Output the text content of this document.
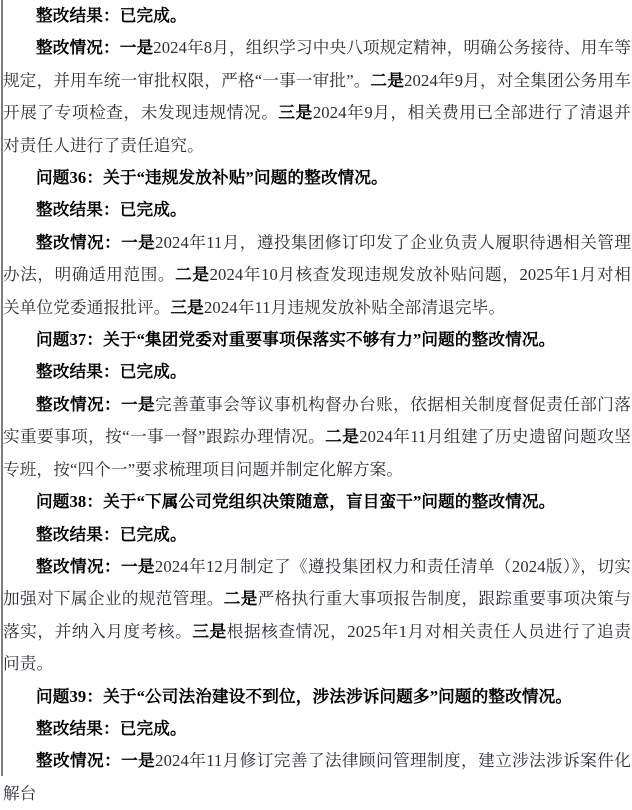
整改结果：已完成。

整改情况：一是2024年8月，组织学习中央八项规定精神，明确公务接待、用车等规定，并用车统一审批权限，严格“一事一审批”。二是2024年9月，对全集团公务用车开展了专项检查，未发现违规情况。三是2024年9月，相关费用已全部进行了清退并对责任人进行了责任追究。

问题36：关于“违规发放补贴”问题的整改情况。

整改结果：已完成。

整改情况：一是2024年11月，遵投集团修订印发了企业负责人履职待遇相关管理办法，明确适用范围。二是2024年10月核查发现违规发放补贴问题，2025年1月对相关单位党委通报批评。三是2024年11月违规发放补贴全部清退完毕。

问题37：关于“集团党委对重要事项保落实不够有力”问题的整改情况。

整改结果：已完成。

整改情况：一是完善董事会等议事机构督办台账，依据相关制度督促责任部门落实重要事项，按“一事一督”跟踪办理情况。二是2024年11月组建了历史遗留问题攻坚专班，按“四个一”要求梳理项目问题并制定化解方案。

问题38：关于“下属公司党组织决策随意，盲目蛮干”问题的整改情况。

整改结果：已完成。

整改情况：一是2024年12月制定了《遵投集团权力和责任清单（2024版）》，切实加强对下属企业的规范管理。二是严格执行重大事项报告制度，跟踪重要事项决策与落实，并纳入月度考核。三是根据核查情况，2025年1月对相关责任人员进行了追责问责。

问题39：关于“公司法治建设不到位，涉法涉诉问题多”问题的整改情况。

整改结果：已完成。

整改情况：一是2024年11月修订完善了法律顾问管理制度，建立涉法涉诉案件化解台
